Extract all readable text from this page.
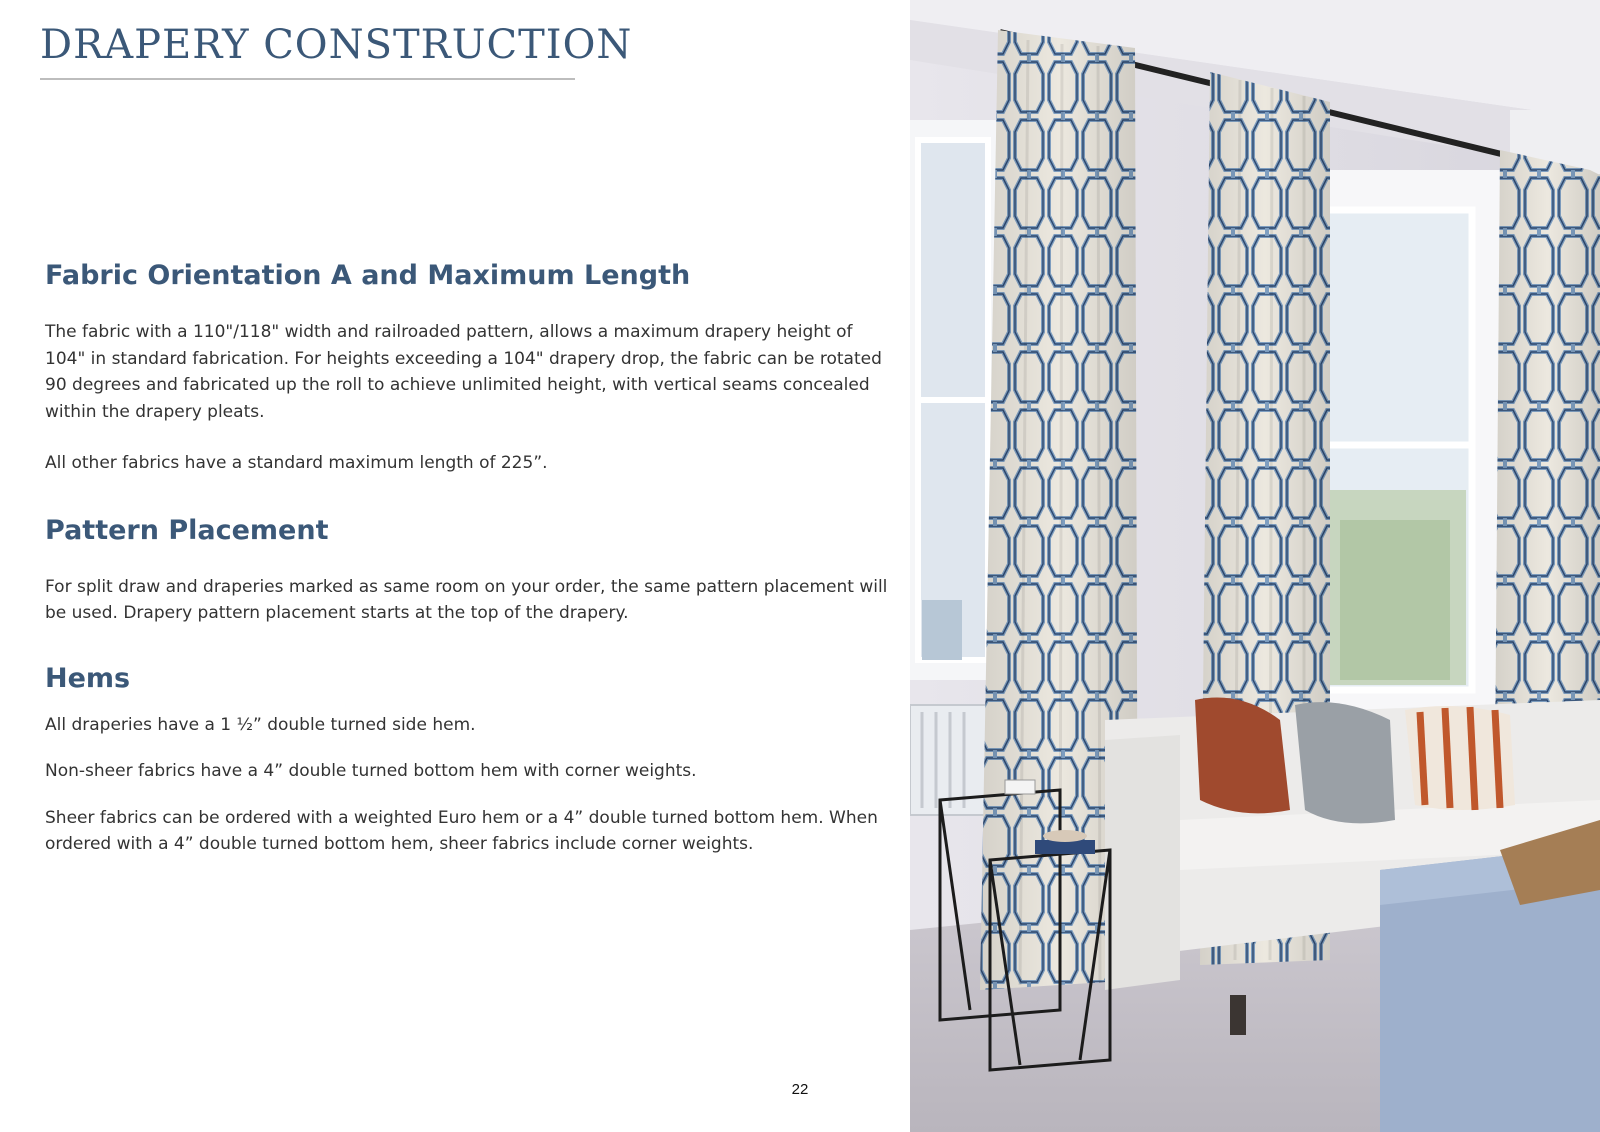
DRAPERY CONSTRUCTION
Fabric Orientation A and Maximum Length

The fabric with a 110"/118" width and railroaded pattern, allows a maximum drapery height of 104" in standard fabrication. For heights exceeding a 104" drapery drop, the fabric can be rotated 90 degrees and fabricated up the roll to achieve unlimited height, with vertical seams concealed within the drapery pleats.

All other fabrics have a standard maximum length of 225”.

Pattern Placement

For split draw and draperies marked as same room on your order, the same pattern placement will be used. Drapery pattern placement starts at the top of the drapery.

Hems

All draperies have a 1 ½” double turned side hem.

Non-sheer fabrics have a 4” double turned bottom hem with corner weights.

Sheer fabrics can be ordered with a weighted Euro hem or a 4” double turned bottom hem. When ordered with a 4” double turned bottom hem, sheer fabrics include corner weights.

22
